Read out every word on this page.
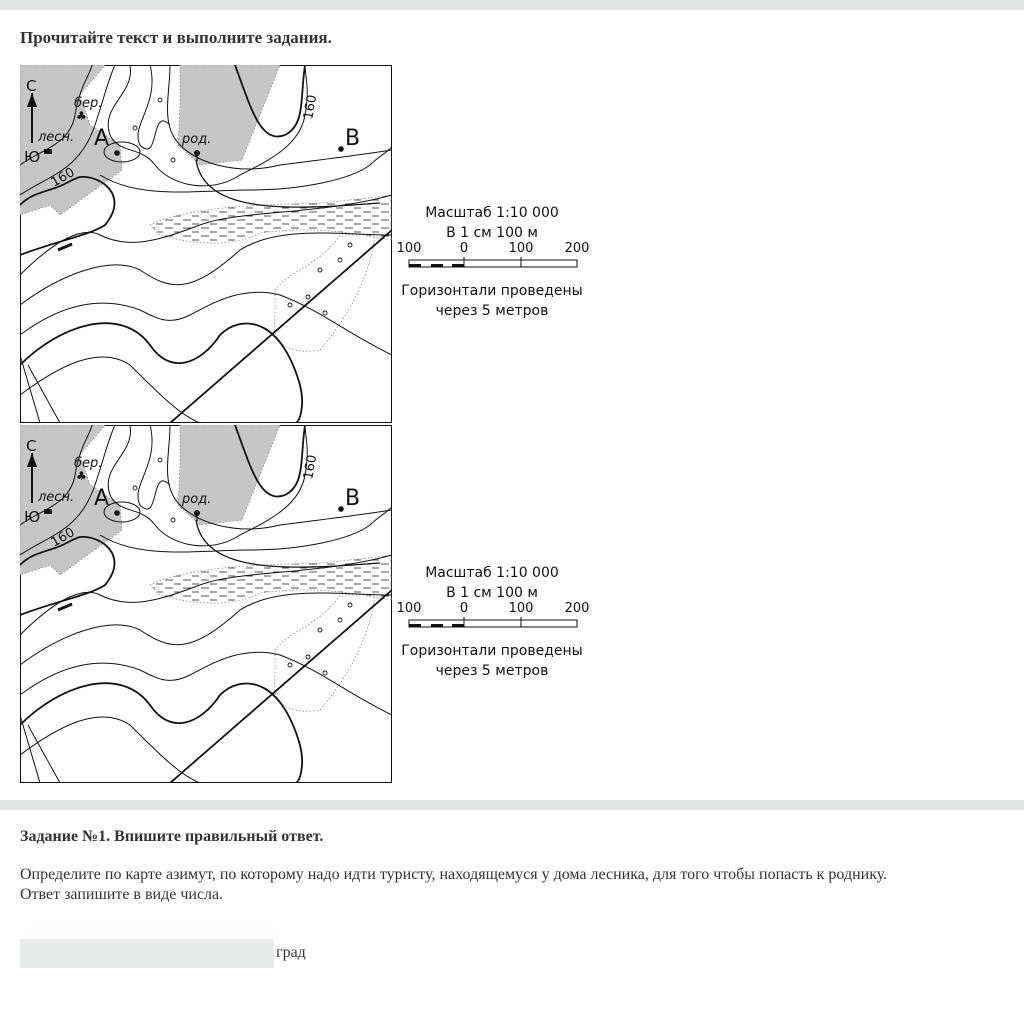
Прочитайте текст и выполните задания.
С
Ю
лесн.
бер.
♣
А	род.	В
160
160
С
Ю
лесн.
бер.
♣
А	род.	В
160
160
Масштаб 1:10 000
В 1 см 100 м
100	0	100 200
Горизонтали проведены
через 5 метров
Масштаб 1:10 000
В 1 см 100 м
100	0	100 200
Горизонтали проведены
через 5 метров
Задание №1. Впишите правильный ответ.
Определите по карте азимут, по которому надо идти туристу, находящемуся у дома лесника, для того чтобы попасть к роднику.
Ответ запишите в виде числа.
град
